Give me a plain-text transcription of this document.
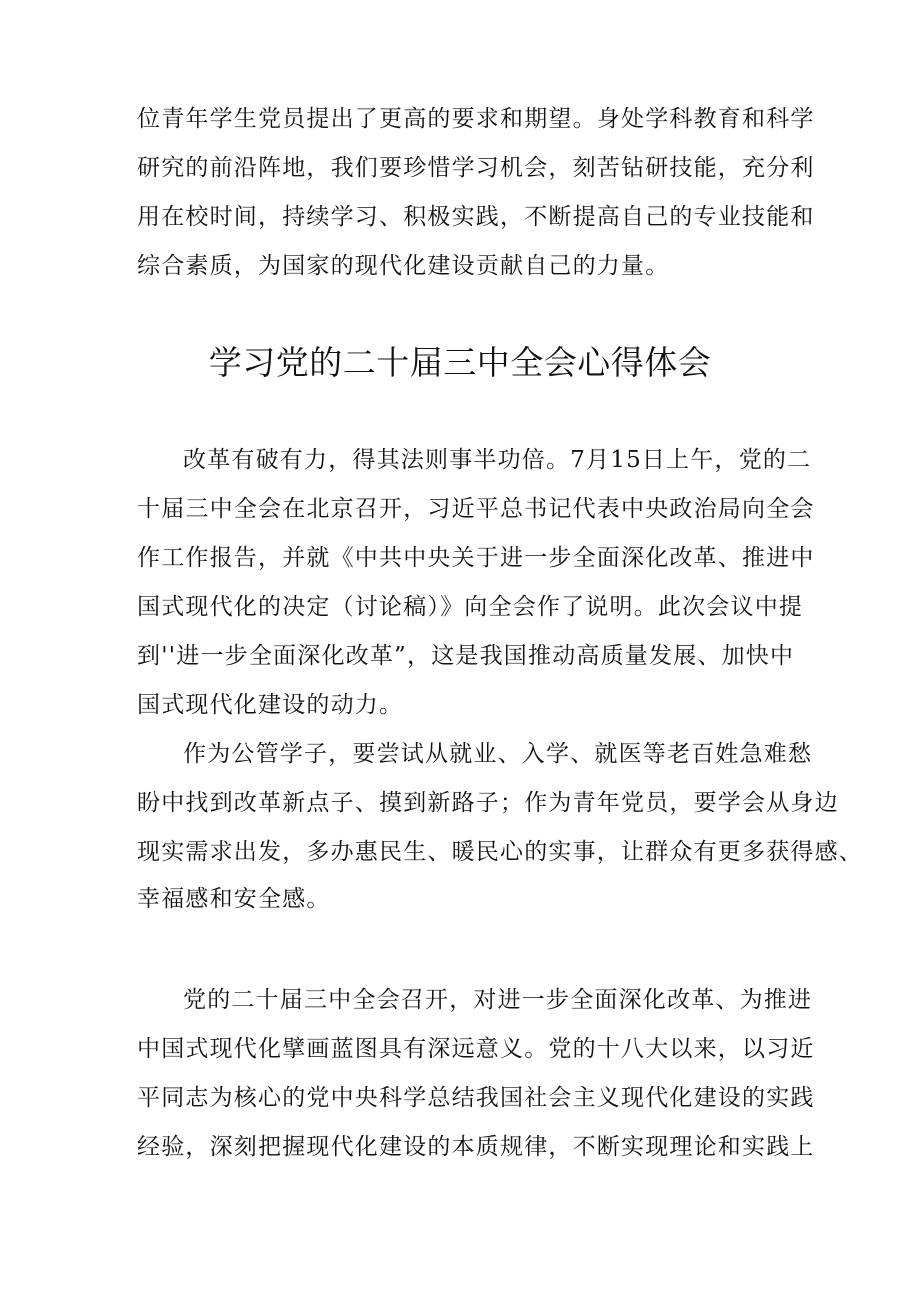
位青年学生党员提出了更高的要求和期望。身处学科教育和科学
研究的前沿阵地，我们要珍惜学习机会，刻苦钻研技能，充分利
用在校时间，持续学习、积极实践，不断提高自己的专业技能和
综合素质，为国家的现代化建设贡献自己的力量。
学习党的二十届三中全会心得体会
改革有破有力，得其法则事半功倍。7月15日上午，党的二
十届三中全会在北京召开，习近平总书记代表中央政治局向全会
作工作报告，并就《中共中央关于进一步全面深化改革、推进中
国式现代化的决定（讨论稿）》向全会作了说明。此次会议中提
到''进一步全面深化改革”，这是我国推动高质量发展、加快中
国式现代化建设的动力。
作为公管学子，要尝试从就业、入学、就医等老百姓急难愁
盼中找到改革新点子、摸到新路子；作为青年党员，要学会从身边
现实需求出发，多办惠民生、暖民心的实事，让群众有更多获得感、
幸福感和安全感。
党的二十届三中全会召开，对进一步全面深化改革、为推进
中国式现代化擘画蓝图具有深远意义。党的十八大以来，以习近
平同志为核心的党中央科学总结我国社会主义现代化建设的实践
经验，深刻把握现代化建设的本质规律，不断实现理论和实践上
